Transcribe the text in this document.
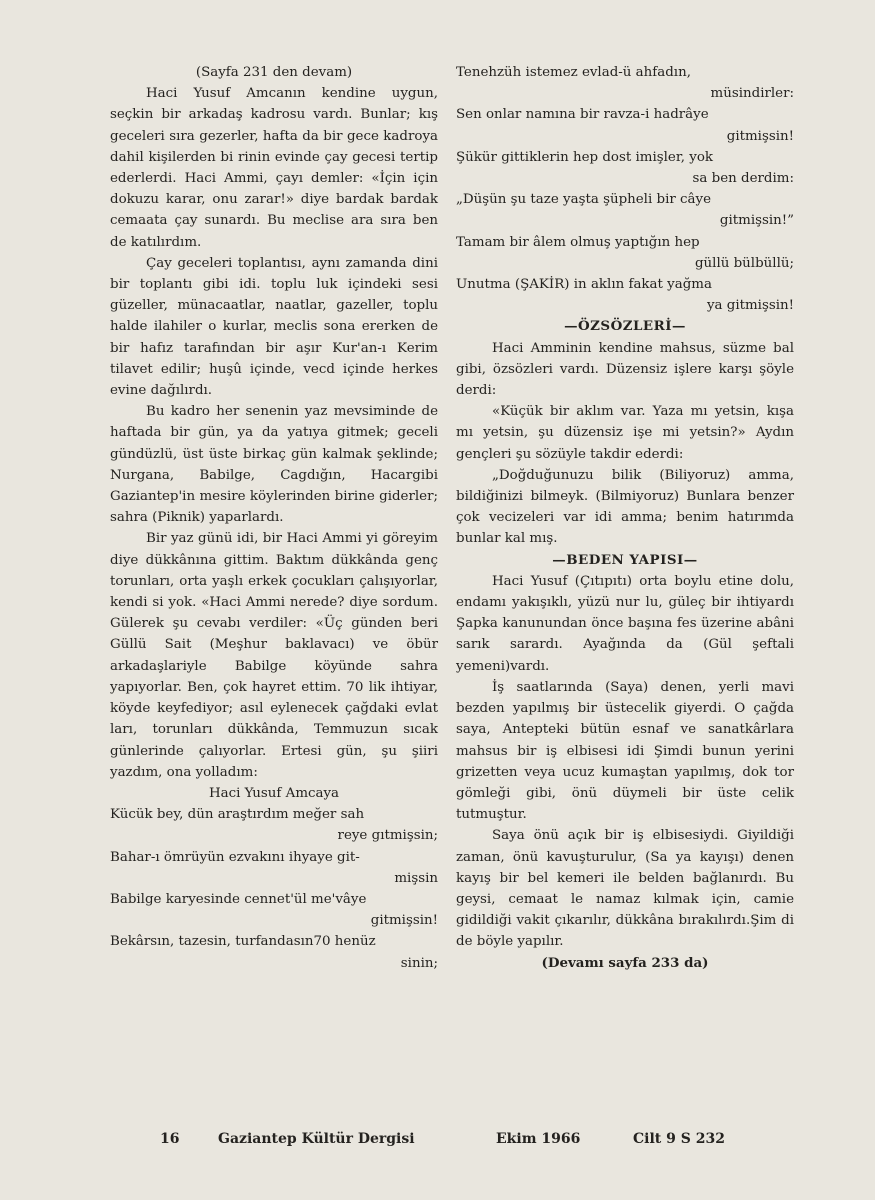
(Sayfa 231 den devam)

Haci Yusuf Amcanın kendine uygun, seçkin bir arkadaş kadrosu vardı. Bunlar; kış geceleri sıra gezerler, hafta da bir gece kadroya dahil kişilerden bi rinin evinde çay gecesi tertip ederlerdi. Haci Ammi, çayı demler: «İçin için dokuzu karar, onu zarar!» diye bardak bardak cemaata çay sunardı. Bu meclise ara sıra ben de katılırdım.

Çay geceleri toplantısı, aynı zamanda dini bir toplantı gibi idi. toplu luk içindeki sesi güzeller, münacaatlar, naatlar, gazeller, toplu halde ilahiler o kurlar, meclis sona ererken de bir hafız tarafından bir aşır Kur'an-ı Kerim tilavet edilir; huşû içinde, vecd içinde herkes evine dağılırdı.

Bu kadro her senenin yaz mevsiminde de haftada bir gün, ya da yatıya gitmek; geceli gündüzlü, üst üste birkaç gün kalmak şeklinde; Nurgana, Babilge, Cagdığın, Hacargibi Gaziantep'in mesire köylerinden birine giderler; sahra (Piknik) yaparlardı.

Bir yaz günü idi, bir Haci Ammi yi göreyim diye dükkânına gittim. Baktım dükkânda genç torunları, orta yaşlı erkek çocukları çalışıyorlar, kendi si yok. «Haci Ammi nerede? diye sordum. Gülerek şu cevabı verdiler: «Üç günden beri Güllü Sait (Meşhur baklavacı) ve öbür arkadaşlariyle Babilge köyünde sahra yapıyorlar. Ben, çok hayret ettim. 70 lik ihtiyar, köyde keyfediyor; asıl eylenecek çağdaki evlat ları, torunları dükkânda, Temmuzun sıcak günlerinde çalıyorlar. Ertesi gün, şu şiiri yazdım, ona yolladım:

Haci Yusuf Amcaya

Kücük bey, dün araştırdım meğer sah
reye gıtmişsin;
Bahar-ı ömrüyün ezvakını ihyaye git-
mişsin
Babilge karyesinde cennet'ül me'vâye
gitmişsin!
Bekârsın, tazesin, turfandasın70 henüz
sinin;
Tenehzüh istemez evlad-ü ahfadın,
müsindirler:
Sen onlar namına bir ravza-i hadrâye
gitmişsin!
Şükür gittiklerin hep dost imişler, yok
sa ben derdim:
„Düşün şu taze yaşta şüpheli bir câye
gitmişsin!”
Tamam bir âlem olmuş yaptığın hep
güllü bülbüllü;
Unutma (ŞAKİR) in aklın fakat yağma
ya gitmişsin!

—ÖZSÖZLERİ—

Haci Amminin kendine mahsus, süzme bal gibi, özsözleri vardı. Düzensiz işlere karşı şöyle derdi:

«Küçük bir aklım var. Yaza mı yetsin, kışa mı yetsin, şu düzensiz işe mi yetsin?» Aydın gençleri şu sözüyle takdir ederdi:

„Doğduğunuzu bilik (Biliyoruz) amma, bildiğinizi bilmeyk. (Bilmiyoruz) Bunlara benzer çok vecizeleri var idi amma; benim hatırımda bunlar kal mış.

—BEDEN YAPISI—

Haci Yusuf (Çıtıpıtı) orta boylu etine dolu, endamı yakışıklı, yüzü nur lu, güleç bir ihtiyardı Şapka kanunundan önce başına fes üzerine abâni sarık sarardı. Ayağında da (Gül şeftali yemeni)vardı.

İş saatlarında (Saya) denen, yerli mavi bezden yapılmış bir üstecelik giyerdi. O çağda saya, Antepteki bütün esnaf ve sanatkârlara mahsus bir iş elbisesi idi Şimdi bunun yerini grizetten veya ucuz kumaştan yapılmış, dok tor gömleği gibi, önü düymeli bir üste celik tutmuştur.

Saya önü açık bir iş elbisesiydi. Giyildiği zaman, önü kavuşturulur, (Sa ya kayışı) denen kayış bir bel kemeri ile belden bağlanırdı. Bu geysi, cemaat le namaz kılmak için, camie gidildiği vakit çıkarılır, dükkâna bırakılırdı.Şim di de böyle yapılır.

(Devamı sayfa 233 da)

16	Gaziantep Kültür Dergisi	Ekim 1966	Cilt 9 S 232
